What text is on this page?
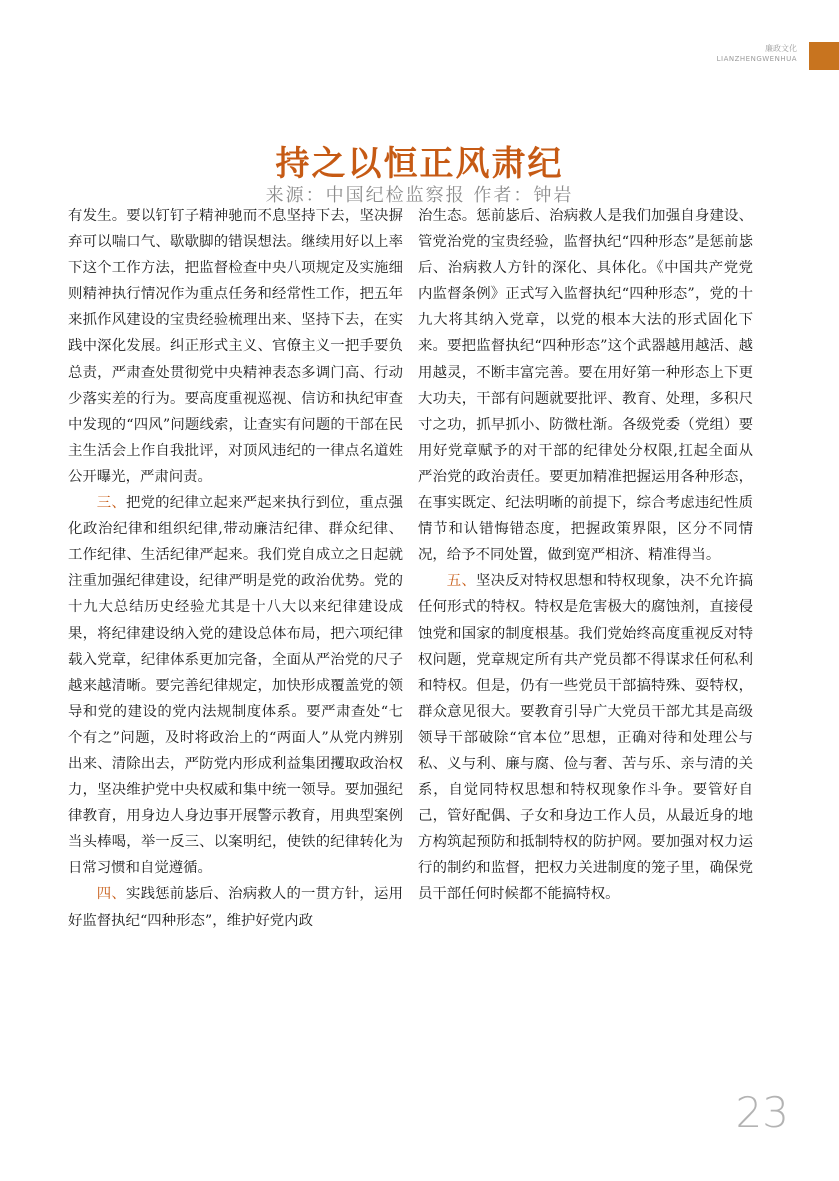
廉政文化
LIANZHENGWENHUA
持之以恒正风肃纪
来源：中国纪检监察报 作者：钟岩

有发生。要以钉钉子精神驰而不息坚持下去，坚决摒弃可以喘口气、歇歇脚的错误想法。继续用好以上率下这个工作方法，把监督检查中央八项规定及实施细则精神执行情况作为重点任务和经常性工作，把五年来抓作风建设的宝贵经验梳理出来、坚持下去，在实践中深化发展。纠正形式主义、官僚主义一把手要负总责，严肃查处贯彻党中央精神表态多调门高、行动少落实差的行为。要高度重视巡视、信访和执纪审查中发现的“四风”问题线索，让查实有问题的干部在民主生活会上作自我批评，对顶风违纪的一律点名道姓公开曝光，严肃问责。

三、把党的纪律立起来严起来执行到位，重点强化政治纪律和组织纪律,带动廉洁纪律、群众纪律、工作纪律、生活纪律严起来。我们党自成立之日起就注重加强纪律建设，纪律严明是党的政治优势。党的十九大总结历史经验尤其是十八大以来纪律建设成果，将纪律建设纳入党的建设总体布局，把六项纪律载入党章，纪律体系更加完备，全面从严治党的尺子越来越清晰。要完善纪律规定，加快形成覆盖党的领导和党的建设的党内法规制度体系。要严肃查处“七个有之”问题，及时将政治上的“两面人”从党内辨别出来、清除出去，严防党内形成利益集团攫取政治权力，坚决维护党中央权威和集中统一领导。要加强纪律教育，用身边人身边事开展警示教育，用典型案例当头棒喝，举一反三、以案明纪，使铁的纪律转化为日常习惯和自觉遵循。

四、实践惩前毖后、治病救人的一贯方针，运用好监督执纪“四种形态”，维护好党内政

治生态。惩前毖后、治病救人是我们加强自身建设、管党治党的宝贵经验，监督执纪“四种形态”是惩前毖后、治病救人方针的深化、具体化。《中国共产党党内监督条例》正式写入监督执纪“四种形态”，党的十九大将其纳入党章，以党的根本大法的形式固化下来。要把监督执纪“四种形态”这个武器越用越活、越用越灵，不断丰富完善。要在用好第一种形态上下更大功夫，干部有问题就要批评、教育、处理，多积尺寸之功，抓早抓小、防微杜渐。各级党委（党组）要用好党章赋予的对干部的纪律处分权限,扛起全面从严治党的政治责任。要更加精准把握运用各种形态，在事实既定、纪法明晰的前提下，综合考虑违纪性质情节和认错悔错态度，把握政策界限，区分不同情况，给予不同处置，做到宽严相济、精准得当。

五、坚决反对特权思想和特权现象，决不允许搞任何形式的特权。特权是危害极大的腐蚀剂，直接侵蚀党和国家的制度根基。我们党始终高度重视反对特权问题，党章规定所有共产党员都不得谋求任何私利和特权。但是，仍有一些党员干部搞特殊、耍特权，群众意见很大。要教育引导广大党员干部尤其是高级领导干部破除“官本位”思想，正确对待和处理公与私、义与利、廉与腐、俭与奢、苦与乐、亲与清的关系，自觉同特权思想和特权现象作斗争。要管好自己，管好配偶、子女和身边工作人员，从最近身的地方构筑起预防和抵制特权的防护网。要加强对权力运行的制约和监督，把权力关进制度的笼子里，确保党员干部任何时候都不能搞特权。

23
